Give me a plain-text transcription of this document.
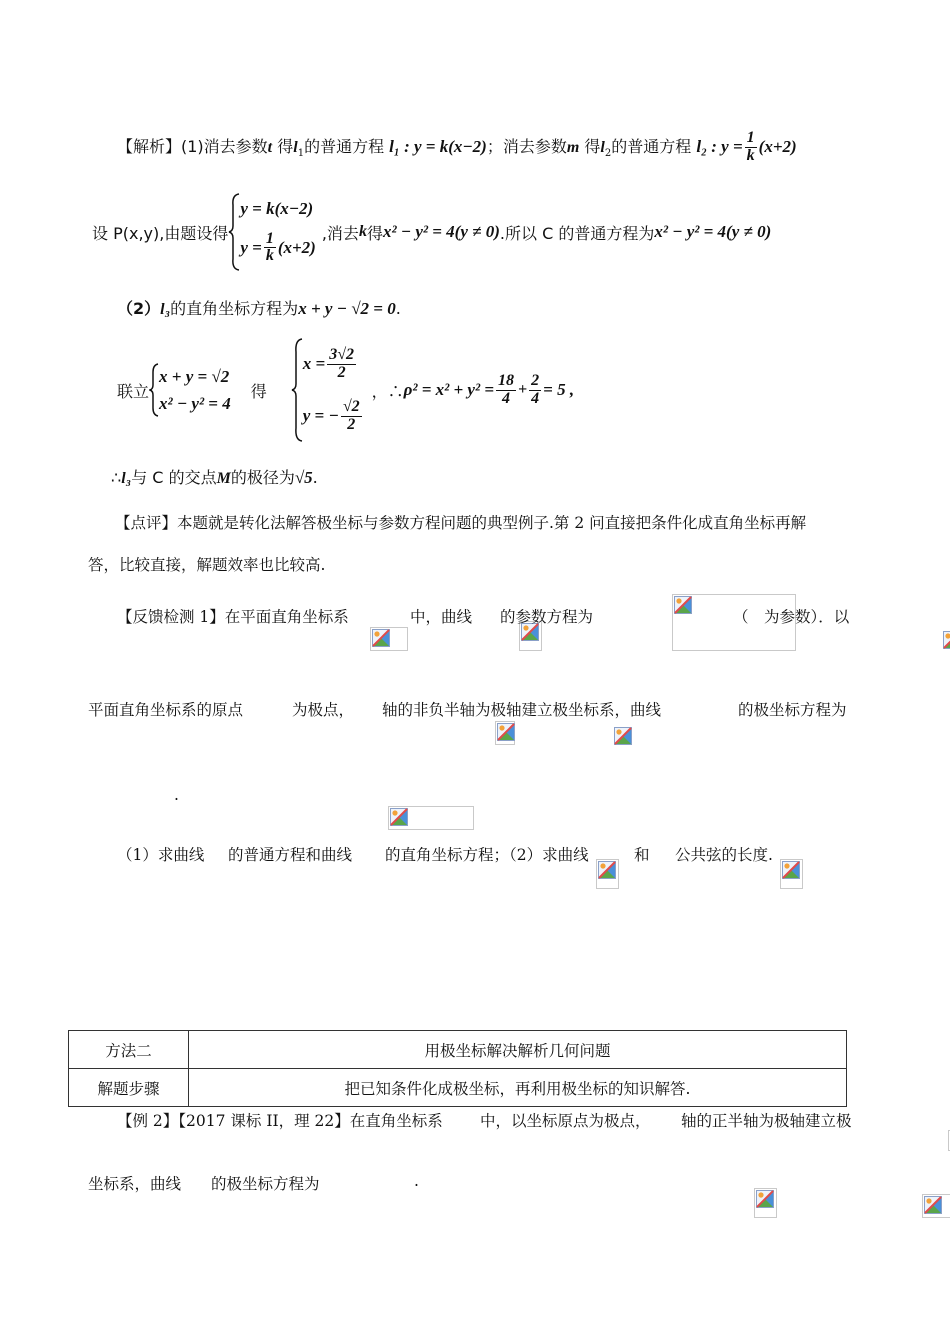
【解析】(1)消去参数t 得$l_1$的普通方程 l₁ : y = k(x−2)；消去参数m 得$l_2$的普通方程 l₂ : $y = \frac{1}{k} (x+2)$
设 P(x,y),由题设得
y = k(x−2)
$y = \frac{1}{k} (x+2)$
,消去 k 得 x² − y² = 4(y ≠ 0) .所以 C 的普通方程为 x² − y² = 4(y ≠ 0)
（2）l₃的直角坐标方程为x + y − √2 = 0.
联立
x + y = √2
x² − y² = 4
得
$x = \frac{3√2}{2}$
y = − $\frac{√2}{2}$
，∴ $\rho^2 = x^2 + y^2 = \frac{18}{4} + \frac{2}{4} = 5$ ,
∴l₃与 C 的交点M的极径为√5.
【点评】本题就是转化法解答极坐标与参数方程问题的典型例子.第 2 问直接把条件化成直角坐标再解
答，比较直接，解题效率也比较高.
【反馈检测 1】在平面直角坐标系
	中，曲线
的参数方程为
	（
为参数）．以
平面直角坐标系的原点
	为极点，
轴的非负半轴为极轴建立极坐标系，曲线
	的极坐标方程为

.
（1）求曲线
的普通方程和曲线
的直角坐标方程；（2）求曲线
	和
公共弦的长度.
方法二	用极坐标解决解析几何问题
解题步骤	把已知条件化成极坐标，再利用极坐标的知识解答.
【例 2】【2017 课标 II，理 22】在直角坐标系
中，以坐标原点为极点，
轴的正半轴为极轴建立极
坐标系，曲线
的极坐标方程为	.
